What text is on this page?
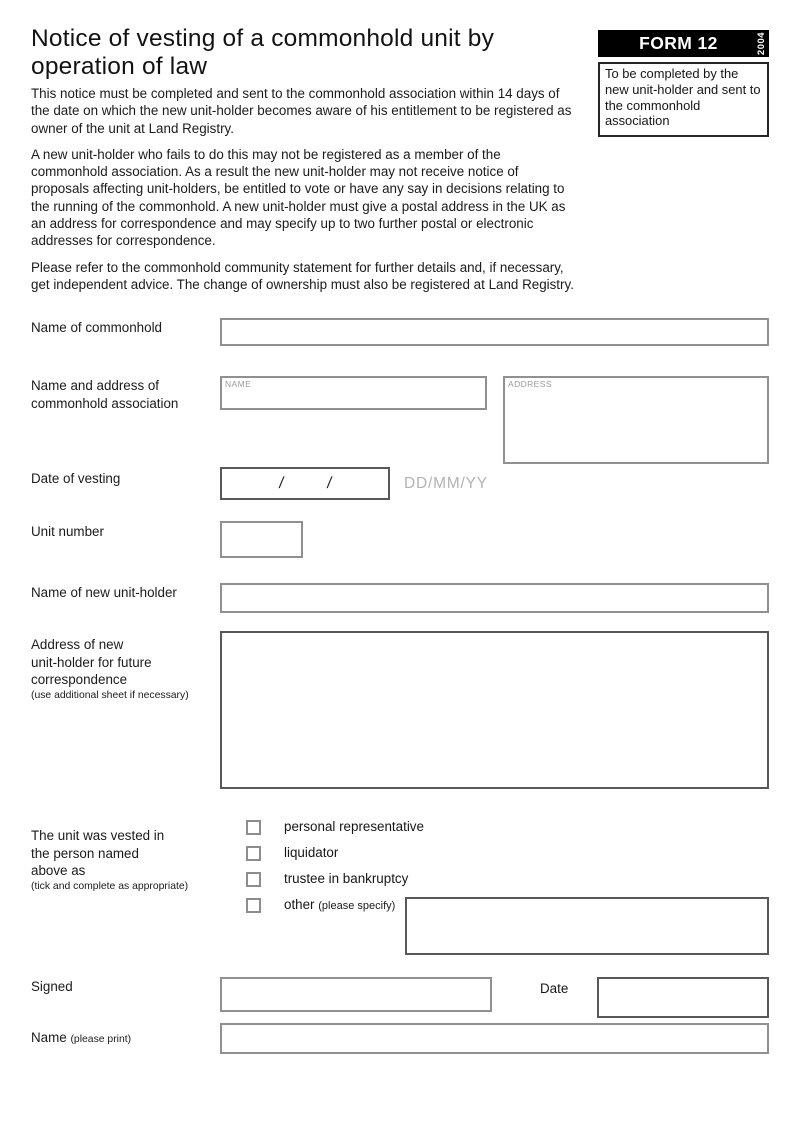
Notice of vesting of a commonhold unit by operation of law

This notice must be completed and sent to the commonhold association within 14 days of the date on which the new unit-holder becomes aware of his entitlement to be registered as owner of the unit at Land Registry.

A new unit-holder who fails to do this may not be registered as a member of the commonhold association. As a result the new unit-holder may not receive notice of proposals affecting unit-holders, be entitled to vote or have any say in decisions relating to the running of the commonhold. A new unit-holder must give a postal address in the UK as an address for correspondence and may specify up to two further postal or electronic addresses for correspondence.

Please refer to the commonhold community statement for further details and, if necessary, get independent advice. The change of ownership must also be registered at Land Registry.

FORM 12	2004
To be completed by the new unit-holder and sent to the commonhold association
Name of commonhold
Name and address of
commonhold association
NAME	ADDRESS
Date of vesting	/	/	DD/MM/YY
Unit number
Name of new unit-holder
Address of new
unit-holder for future
correspondence
(use additional sheet if necessary)
The unit was vested in
the person named
above as
(tick and complete as appropriate)
personal representative
liquidator
trustee in bankruptcy
other (please specify)
Signed	Date
Name (please print)
